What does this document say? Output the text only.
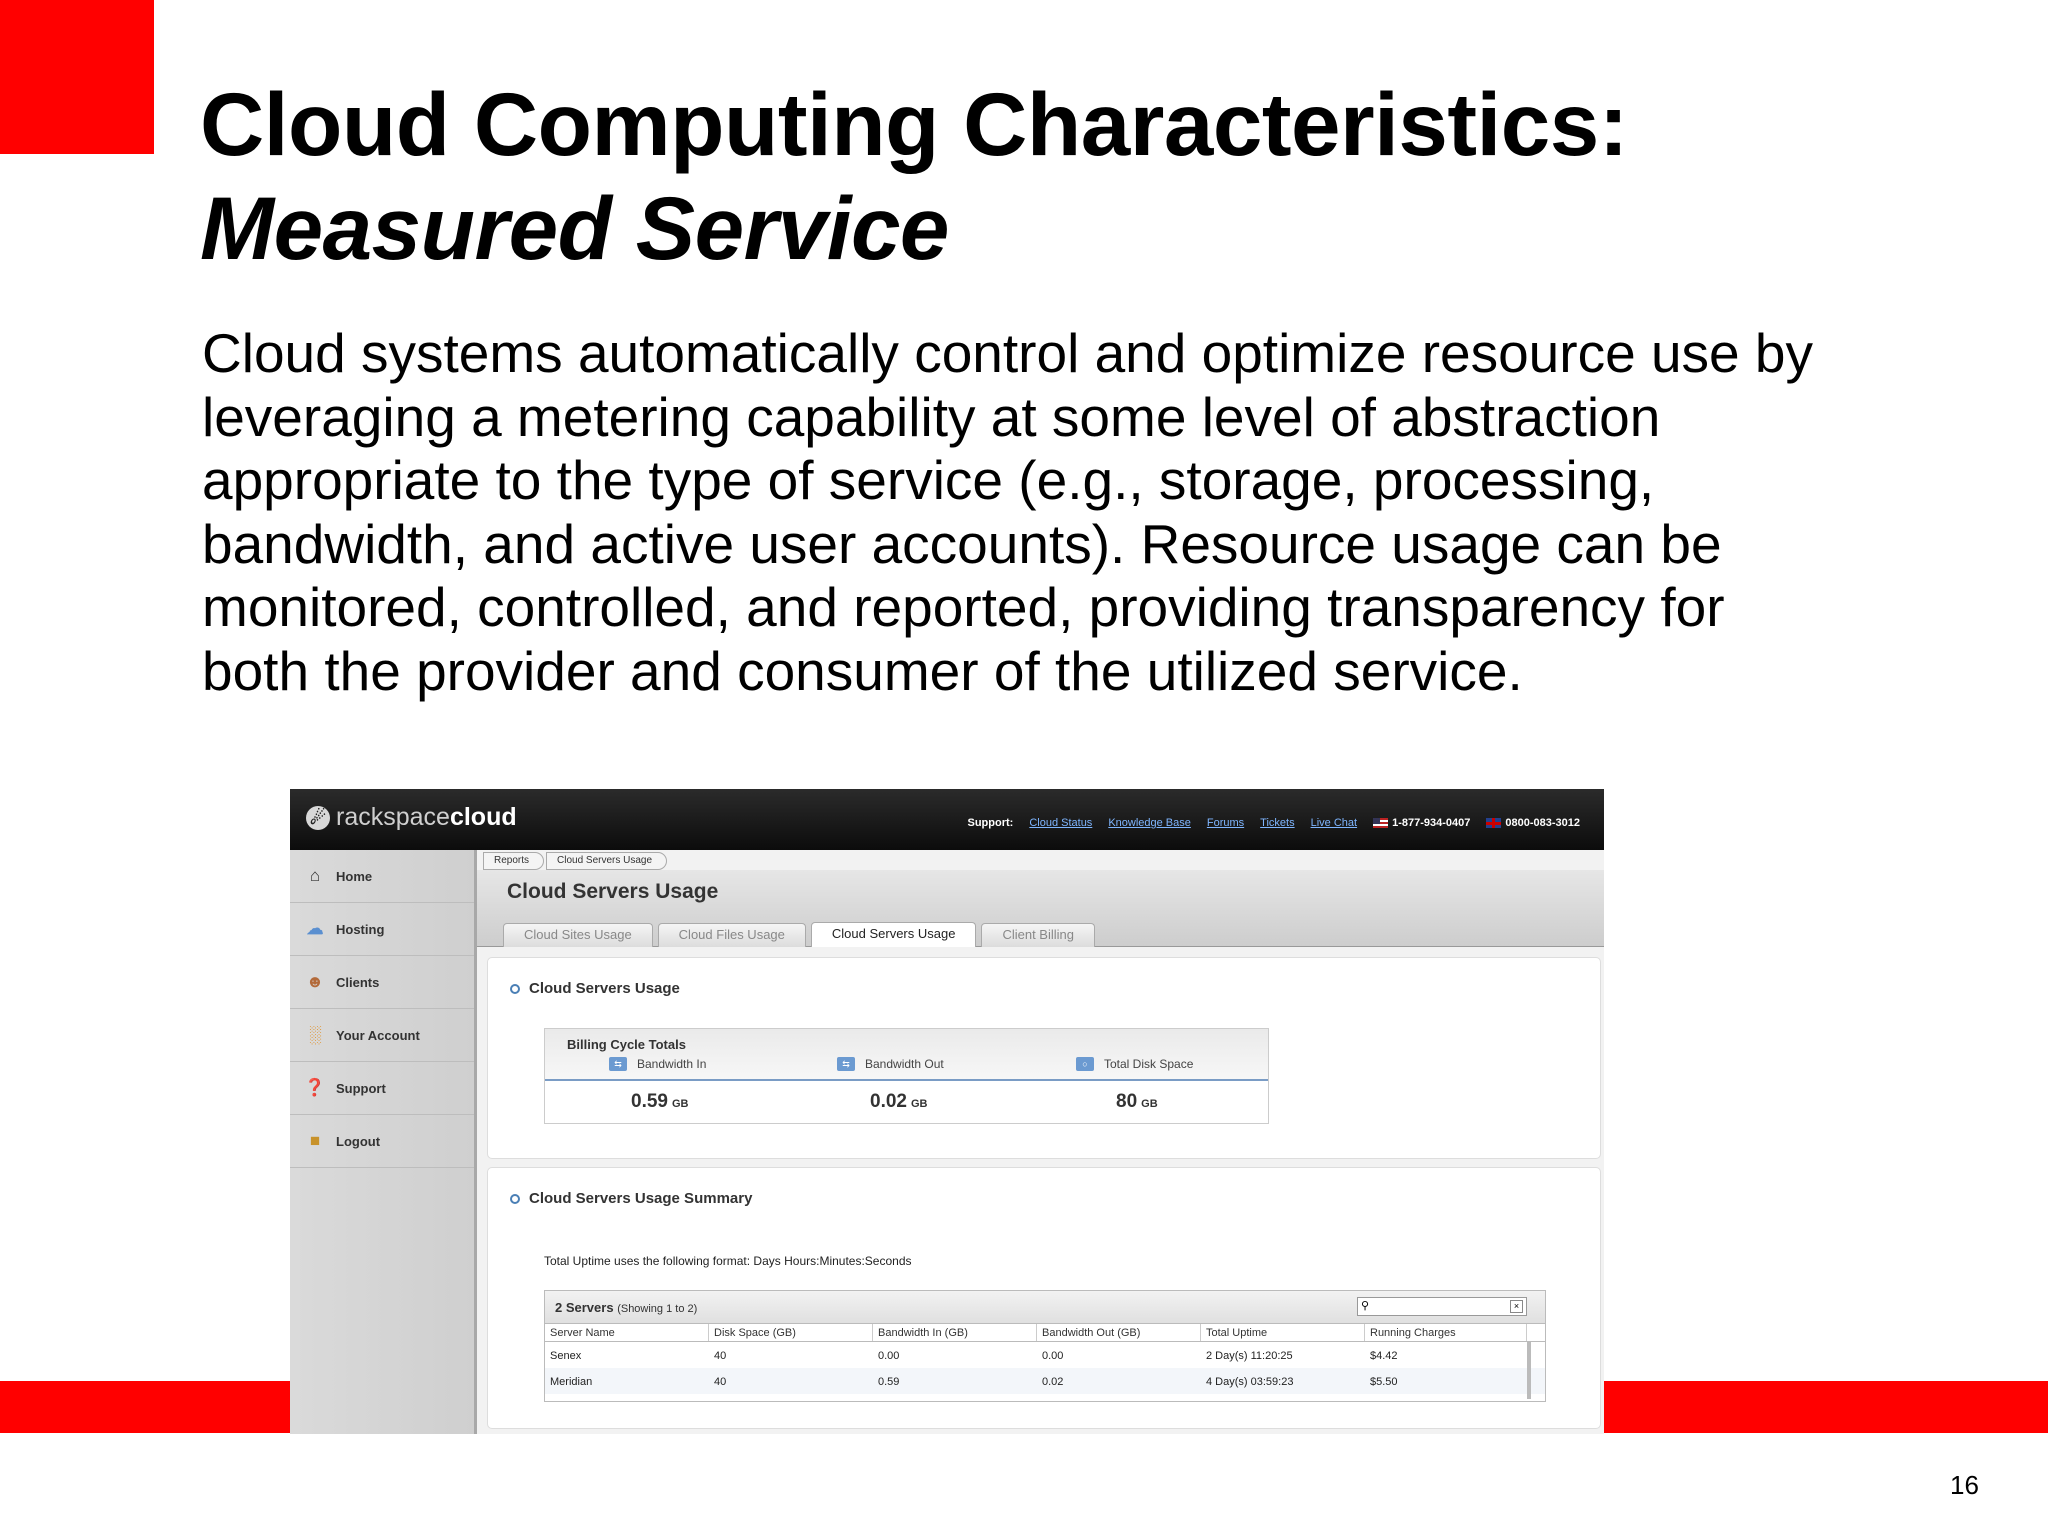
Cloud Computing Characteristics:
Measured Service
Cloud systems automatically control and optimize resource use by leveraging a metering capability at some level of abstraction appropriate to the type of service (e.g., storage, processing, bandwidth, and active user accounts). Resource usage can be monitored, controlled, and reported, providing transparency for both the provider and consumer of the utilized service.
☄ rackspace cloud	Support: Cloud Status Knowledge Base Forums Tickets Live Chat	1-877-934-0407	0800-083-3012
⌂	Home
☁ Hosting
☻ Clients
░	Your Account
❓ Support
■	Logout
Cloud Servers Usage
Cloud Sites Usage	Cloud Files Usage	Cloud Servers Usage	Client Billing
Reports	Cloud Servers Usage
Cloud Servers Usage
Billing Cycle Totals
⇆	Bandwidth In	⇆	Bandwidth Out	○	Total Disk Space
0.59 GB	0.02 GB	80 GB
Cloud Servers Usage Summary
Total Uptime uses the following format: Days Hours:Minutes:Seconds
2 Servers (Showing 1 to 2)	⚲	×
Server Name	Disk Space (GB)	Bandwidth In (GB)	Bandwidth Out (GB)	Total Uptime	Running Charges
Senex	40	0.00	0.00	2 Day(s) 11:20:25	$4.42
Meridian	40	0.59	0.02	4 Day(s) 03:59:23	$5.50
16
